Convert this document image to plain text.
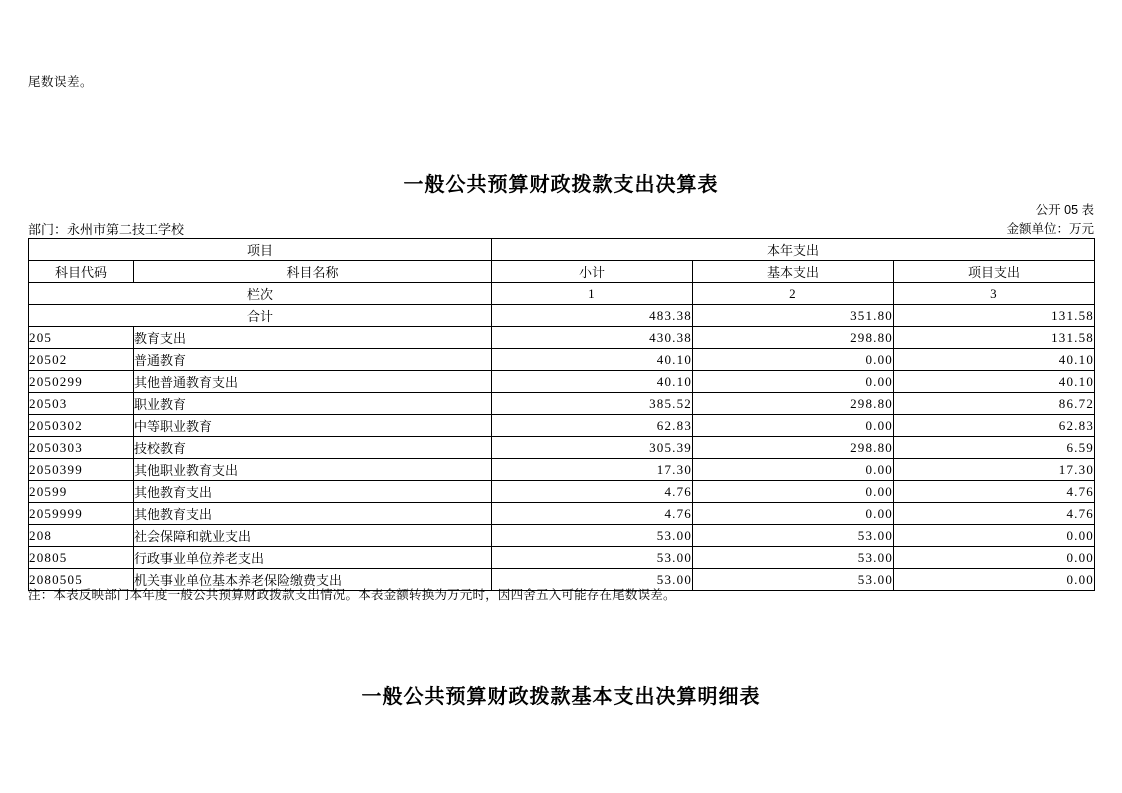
尾数误差。
一般公共预算财政拨款支出决算表
公开 05 表
部门：永州市第二技工学校	金额单位：万元
项目		本年支出		
科目代码	科目名称	小计	基本支出	项目支出
栏次		1	2	3
合计		483.38	351.80	131.58
205	教育支出	430.38	298.80	131.58
20502	普通教育	40.10	0.00	40.10
2050299	其他普通教育支出	40.10	0.00	40.10
20503	职业教育	385.52	298.80	86.72
2050302	中等职业教育	62.83	0.00	62.83
2050303	技校教育	305.39	298.80	6.59
2050399	其他职业教育支出	17.30	0.00	17.30
20599	其他教育支出	4.76	0.00	4.76
2059999	其他教育支出	4.76	0.00	4.76
208	社会保障和就业支出	53.00	53.00	0.00
20805	行政事业单位养老支出	53.00	53.00	0.00
2080505	机关事业单位基本养老保险缴费支出	53.00	53.00	0.00
注：本表反映部门本年度一般公共预算财政拨款支出情况。本表金额转换为万元时，因四舍五入可能存在尾数误差。
一般公共预算财政拨款基本支出决算明细表
